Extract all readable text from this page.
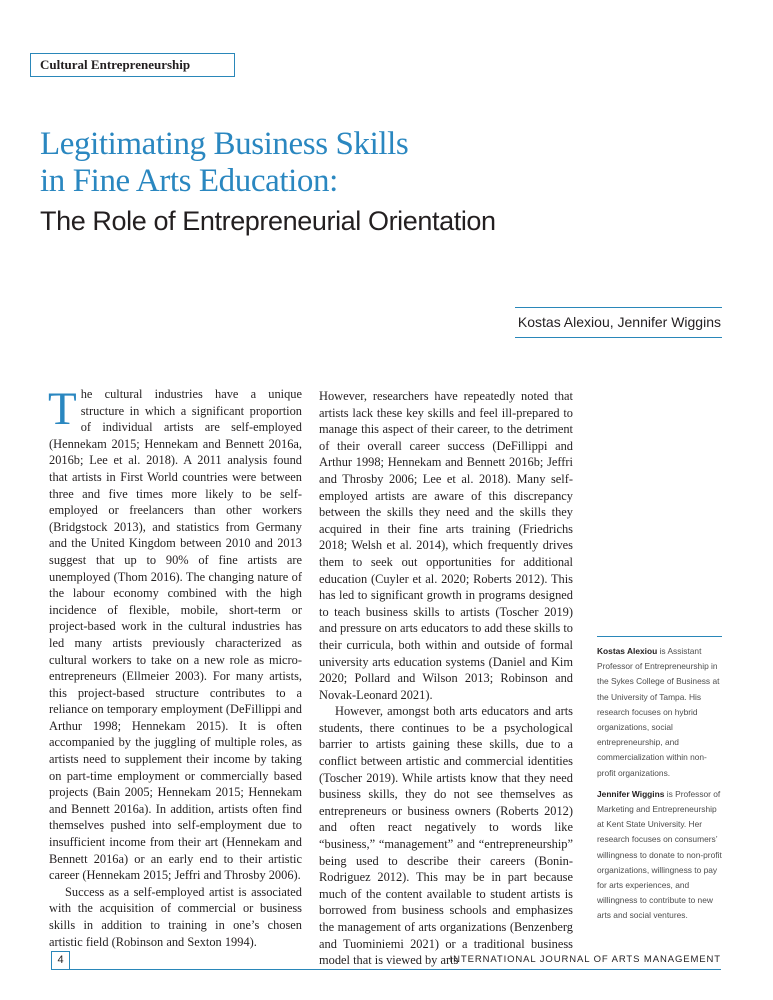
Cultural Entrepreneurship
Legitimating Business Skills
in Fine Arts Education:
The Role of Entrepreneurial Orientation
Kostas Alexiou, Jennifer Wiggins

The cultural industries have a unique structure in which a significant proportion of individual artists are self-employed (Hennekam 2015; Hennekam and Bennett 2016a, 2016b; Lee et al. 2018). A 2011 analysis found that artists in First World countries were between three and five times more likely to be self-employed or freelancers than other workers (Bridgstock 2013), and statistics from Germany and the United Kingdom between 2010 and 2013 suggest that up to 90% of fine artists are unemployed (Thom 2016). The changing nature of the labour economy combined with the high incidence of flexible, mobile, short-term or project-based work in the cultural industries has led many artists previously characterized as cultural workers to take on a new role as micro-entrepreneurs (Ellmeier 2003). For many artists, this project-based structure contributes to a reliance on temporary employment (DeFillippi and Arthur 1998; Hennekam 2015). It is often accompanied by the juggling of multiple roles, as artists need to supplement their income by taking on part-time employment or commercially based projects (Bain 2005; Hennekam 2015; Hennekam and Bennett 2016a). In addition, artists often find themselves pushed into self-employment due to insufficient income from their art (Hennekam and Bennett 2016a) or an early end to their artistic career (Hennekam 2015; Jeffri and Throsby 2006).

Success as a self-employed artist is associated with the acquisition of commercial or business skills in addition to training in one’s chosen artistic field (Robinson and Sexton 1994).

However, researchers have repeatedly noted that artists lack these key skills and feel ill-prepared to manage this aspect of their career, to the detriment of their overall career success (DeFillippi and Arthur 1998; Hennekam and Bennett 2016b; Jeffri and Throsby 2006; Lee et al. 2018). Many self-employed artists are aware of this discrepancy between the skills they need and the skills they acquired in their fine arts training (Friedrichs 2018; Welsh et al. 2014), which frequently drives them to seek out opportunities for additional education (Cuyler et al. 2020; Roberts 2012). This has led to significant growth in programs designed to teach business skills to artists (Toscher 2019) and pressure on arts educators to add these skills to their curricula, both within and outside of formal university arts education systems (Daniel and Kim 2020; Pollard and Wilson 2013; Robinson and Novak-Leonard 2021).

However, amongst both arts educators and arts students, there continues to be a psychological barrier to artists gaining these skills, due to a conflict between artistic and commercial identities (Toscher 2019). While artists know that they need business skills, they do not see themselves as entrepreneurs or business owners (Roberts 2012) and often react negatively to words like “business,” “management” and “entrepreneurship” being used to describe their careers (Bonin-Rodriguez 2012). This may be in part because much of the content available to student artists is borrowed from business schools and emphasizes the management of arts organizations (Benzenberg and Tuominiemi 2021) or a traditional business model that is viewed by arts

Kostas Alexiou is Assistant Professor of Entrepreneurship in the Sykes College of Business at the University of Tampa. His research focuses on hybrid organizations, social entrepreneurship, and commercialization within non-profit organizations.

Jennifer Wiggins is Professor of Marketing and Entrepreneurship at Kent State University. Her research focuses on consumers’ willingness to donate to non-profit organizations, willingness to pay for arts experiences, and willingness to contribute to new arts and social ventures.

4	INTERNATIONAL JOURNAL OF ARTS MANAGEMENT
